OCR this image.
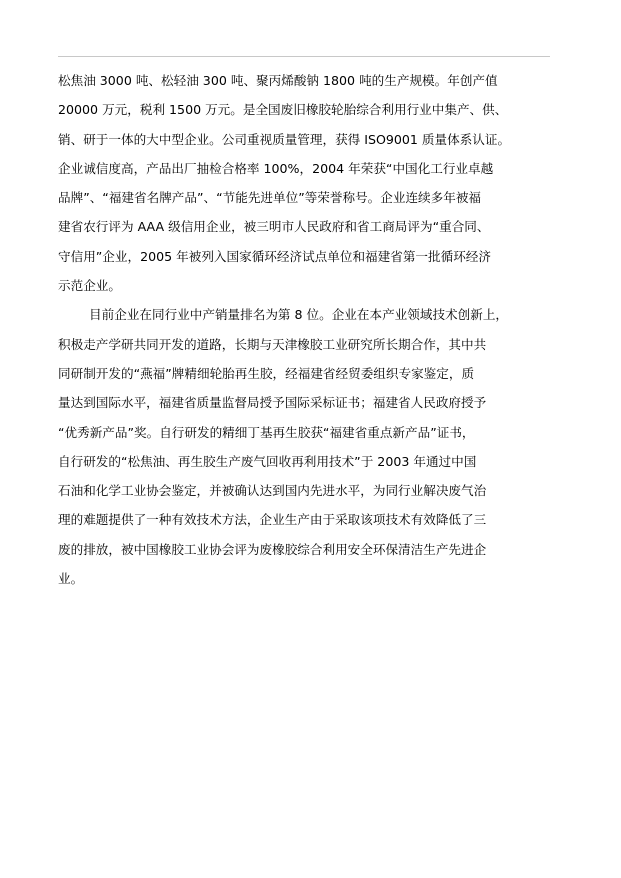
松焦油 3000 吨、松轻油 300 吨、聚丙烯酸钠 1800 吨的生产规模。年创产值
20000 万元，税利 1500 万元。是全国废旧橡胶轮胎综合利用行业中集产、供、
销、研于一体的大中型企业。公司重视质量管理，获得 ISO9001 质量体系认证。
企业诚信度高，产品出厂抽检合格率 100%，2004 年荣获“中国化工行业卓越
品牌”、“福建省名牌产品”、“节能先进单位”等荣誉称号。企业连续多年被福
建省农行评为 AAA 级信用企业，被三明市人民政府和省工商局评为“重合同、
守信用”企业，2005 年被列入国家循环经济试点单位和福建省第一批循环经济
示范企业。
目前企业在同行业中产销量排名为第 8 位。企业在本产业领域技术创新上，
积极走产学研共同开发的道路，长期与天津橡胶工业研究所长期合作，其中共
同研制开发的“燕福”牌精细轮胎再生胶，经福建省经贸委组织专家鉴定，质
量达到国际水平，福建省质量监督局授予国际采标证书；福建省人民政府授予
“优秀新产品”奖。自行研发的精细丁基再生胶获“福建省重点新产品”证书，
自行研发的“松焦油、再生胶生产废气回收再利用技术”于 2003 年通过中国
石油和化学工业协会鉴定，并被确认达到国内先进水平，为同行业解决废气治
理的难题提供了一种有效技术方法，企业生产由于采取该项技术有效降低了三
废的排放，被中国橡胶工业协会评为废橡胶综合利用安全环保清洁生产先进企
业。
